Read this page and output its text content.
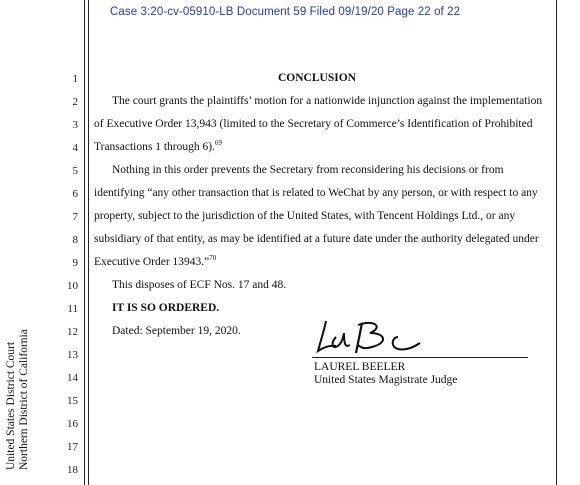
Case 3:20-cv-05910-LB Document 59 Filed 09/19/20 Page 22 of 22
1
2
3
4
5
6
7
8
9
10
11
12
13
14
15
16
17
18
CONCLUSION
The court grants the plaintiffs’ motion for a nationwide injunction against the implementation
of Executive Order 13,943 (limited to the Secretary of Commerce’s Identification of Prohibited
Transactions 1 through 6).$^{69}$
Nothing in this order prevents the Secretary from reconsidering his decisions or from
identifying “any other transaction that is related to WeChat by any person, or with respect to any
property, subject to the jurisdiction of the United States, with Tencent Holdings Ltd., or any
subsidiary of that entity, as may be identified at a future date under the authority delegated under
Executive Order 13943.”$^{70}$
This disposes of ECF Nos. 17 and 48.
IT IS SO ORDERED.
Dated: September 19, 2020.
LAUREL BEELER
United States Magistrate Judge
United States District Court Northern District of California
